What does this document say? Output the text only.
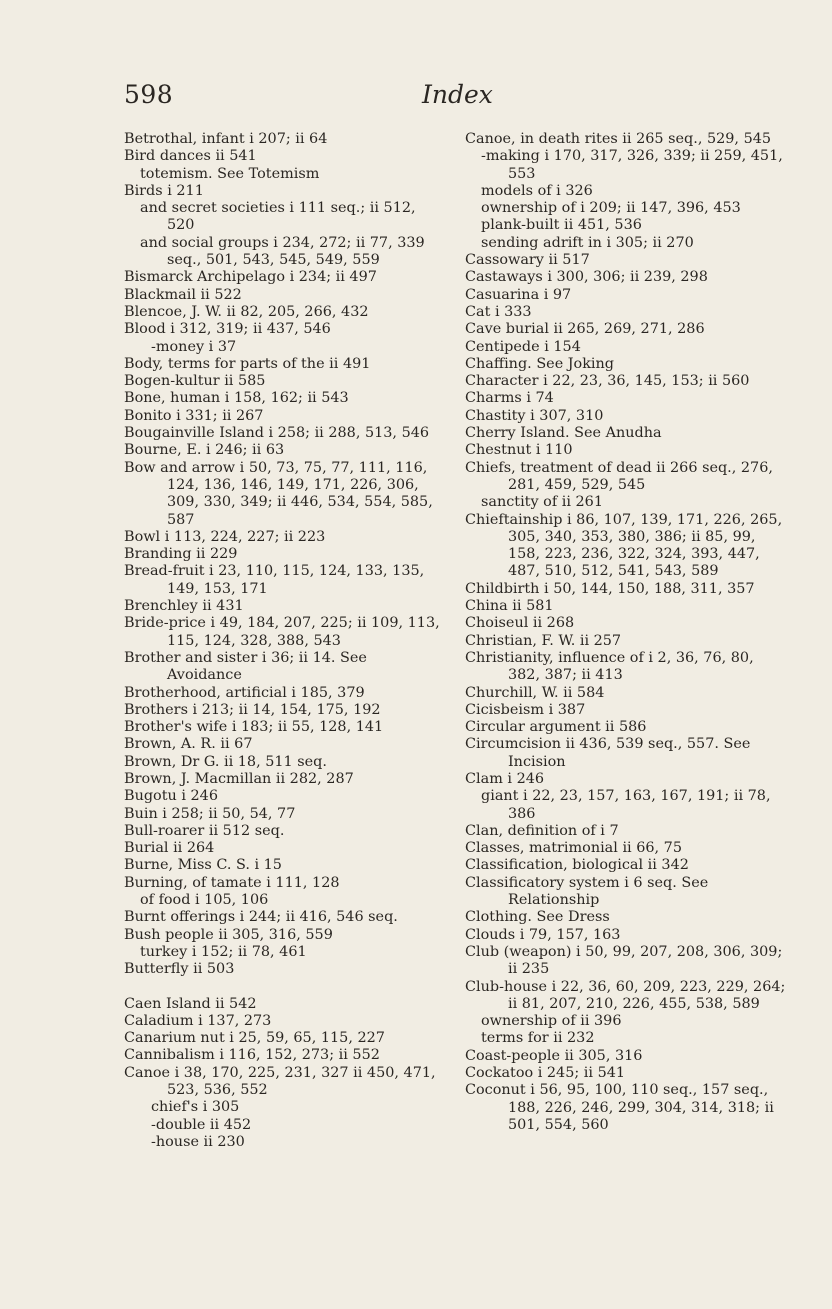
598	Index
Betrothal, infant i 207; ii 64
Bird dances ii 541
totemism. See Totemism
Birds i 211
and secret societies i 111 seq.; ii 512, 520
and social groups i 234, 272; ii 77, 339 seq., 501, 543, 545, 549, 559
Bismarck Archipelago i 234; ii 497
Blackmail ii 522
Blencoe, J. W. ii 82, 205, 266, 432
Blood i 312, 319; ii 437, 546
-money i 37
Body, terms for parts of the ii 491
Bogen-kultur ii 585
Bone, human i 158, 162; ii 543
Bonito i 331; ii 267
Bougainville Island i 258; ii 288, 513, 546
Bourne, E. i 246; ii 63
Bow and arrow i 50, 73, 75, 77, 111, 116, 124, 136, 146, 149, 171, 226, 306, 309, 330, 349; ii 446, 534, 554, 585, 587
Bowl i 113, 224, 227; ii 223
Branding ii 229
Bread-fruit i 23, 110, 115, 124, 133, 135, 149, 153, 171
Brenchley ii 431
Bride-price i 49, 184, 207, 225; ii 109, 113, 115, 124, 328, 388, 543
Brother and sister i 36; ii 14. See Avoidance
Brotherhood, artificial i 185, 379
Brothers i 213; ii 14, 154, 175, 192
Brother's wife i 183; ii 55, 128, 141
Brown, A. R. ii 67
Brown, Dr G. ii 18, 511 seq.
Brown, J. Macmillan ii 282, 287
Bugotu i 246
Buin i 258; ii 50, 54, 77
Bull-roarer ii 512 seq.
Burial ii 264
Burne, Miss C. S. i 15
Burning, of tamate i 111, 128
of food i 105, 106
Burnt offerings i 244; ii 416, 546 seq.
Bush people ii 305, 316, 559
turkey i 152; ii 78, 461
Butterfly ii 503
Caen Island ii 542
Caladium i 137, 273
Canarium nut i 25, 59, 65, 115, 227
Cannibalism i 116, 152, 273; ii 552
Canoe i 38, 170, 225, 231, 327 ii 450, 471, 523, 536, 552
chief's i 305
-double ii 452
-house ii 230
Canoe, in death rites ii 265 seq., 529, 545
-making i 170, 317, 326, 339; ii 259, 451, 553
models of i 326
ownership of i 209; ii 147, 396, 453
plank-built ii 451, 536
sending adrift in i 305; ii 270
Cassowary ii 517
Castaways i 300, 306; ii 239, 298
Casuarina i 97
Cat i 333
Cave burial ii 265, 269, 271, 286
Centipede i 154
Chaffing. See Joking
Character i 22, 23, 36, 145, 153; ii 560
Charms i 74
Chastity i 307, 310
Cherry Island. See Anudha
Chestnut i 110
Chiefs, treatment of dead ii 266 seq., 276, 281, 459, 529, 545
sanctity of ii 261
Chieftainship i 86, 107, 139, 171, 226, 265, 305, 340, 353, 380, 386; ii 85, 99, 158, 223, 236, 322, 324, 393, 447, 487, 510, 512, 541, 543, 589
Childbirth i 50, 144, 150, 188, 311, 357
China ii 581
Choiseul ii 268
Christian, F. W. ii 257
Christianity, influence of i 2, 36, 76, 80, 382, 387; ii 413
Churchill, W. ii 584
Cicisbeism i 387
Circular argument ii 586
Circumcision ii 436, 539 seq., 557. See Incision
Clam i 246
giant i 22, 23, 157, 163, 167, 191; ii 78, 386
Clan, definition of i 7
Classes, matrimonial ii 66, 75
Classification, biological ii 342
Classificatory system i 6 seq. See Relationship
Clothing. See Dress
Clouds i 79, 157, 163
Club (weapon) i 50, 99, 207, 208, 306, 309; ii 235
Club-house i 22, 36, 60, 209, 223, 229, 264; ii 81, 207, 210, 226, 455, 538, 589
ownership of ii 396
terms for ii 232
Coast-people ii 305, 316
Cockatoo i 245; ii 541
Coconut i 56, 95, 100, 110 seq., 157 seq., 188, 226, 246, 299, 304, 314, 318; ii 501, 554, 560
